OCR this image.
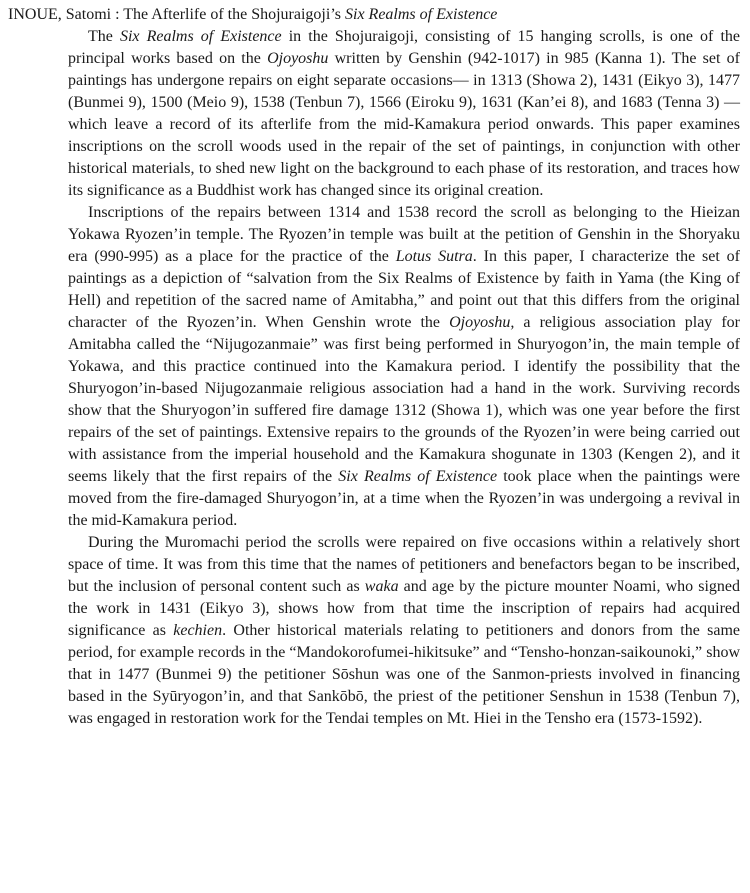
INOUE, Satomi : The Afterlife of the Shojuraigoji’s Six Realms of Existence

The Six Realms of Existence in the Shojuraigoji, consisting of 15 hanging scrolls, is one of the principal works based on the Ojoyoshu written by Genshin (942-1017) in 985 (Kanna 1). The set of paintings has undergone repairs on eight separate occasions— in 1313 (Showa 2), 1431 (Eikyo 3), 1477 (Bunmei 9), 1500 (Meio 9), 1538 (Tenbun 7), 1566 (Eiroku 9), 1631 (Kan’ei 8), and 1683 (Tenna 3) — which leave a record of its afterlife from the mid-Kamakura period onwards. This paper examines inscriptions on the scroll woods used in the repair of the set of paintings, in conjunction with other historical materials, to shed new light on the background to each phase of its restoration, and traces how its significance as a Buddhist work has changed since its original creation.

Inscriptions of the repairs between 1314 and 1538 record the scroll as belonging to the Hieizan Yokawa Ryozen’in temple. The Ryozen’in temple was built at the petition of Genshin in the Shoryaku era (990-995) as a place for the practice of the Lotus Sutra. In this paper, I characterize the set of paintings as a depiction of “salvation from the Six Realms of Existence by faith in Yama (the King of Hell) and repetition of the sacred name of Amitabha,” and point out that this differs from the original character of the Ryozen’in. When Genshin wrote the Ojoyoshu, a religious association play for Amitabha called the “Nijugozanmaie” was first being performed in Shuryogon’in, the main temple of Yokawa, and this practice continued into the Kamakura period. I identify the possibility that the Shuryogon’in-based Nijugozanmaie religious association had a hand in the work. Surviving records show that the Shuryogon’in suffered fire damage 1312 (Showa 1), which was one year before the first repairs of the set of paintings. Extensive repairs to the grounds of the Ryozen’in were being carried out with assistance from the imperial household and the Kamakura shogunate in 1303 (Kengen 2), and it seems likely that the first repairs of the Six Realms of Existence took place when the paintings were moved from the fire-damaged Shuryogon’in, at a time when the Ryozen’in was undergoing a revival in the mid-Kamakura period.

During the Muromachi period the scrolls were repaired on five occasions within a relatively short space of time. It was from this time that the names of petitioners and benefactors began to be inscribed, but the inclusion of personal content such as waka and age by the picture mounter Noami, who signed the work in 1431 (Eikyo 3), shows how from that time the inscription of repairs had acquired significance as kechien. Other historical materials relating to petitioners and donors from the same period, for example records in the “Mandokorofumei-hikitsuke” and “Tensho-honzan-saikounoki,” show that in 1477 (Bunmei 9) the petitioner Sōshun was one of the Sanmon-priests involved in financing based in the Syūryogon’in, and that Sankōbō, the priest of the petitioner Senshun in 1538 (Tenbun 7), was engaged in restoration work for the Tendai temples on Mt. Hiei in the Tensho era (1573-1592).
